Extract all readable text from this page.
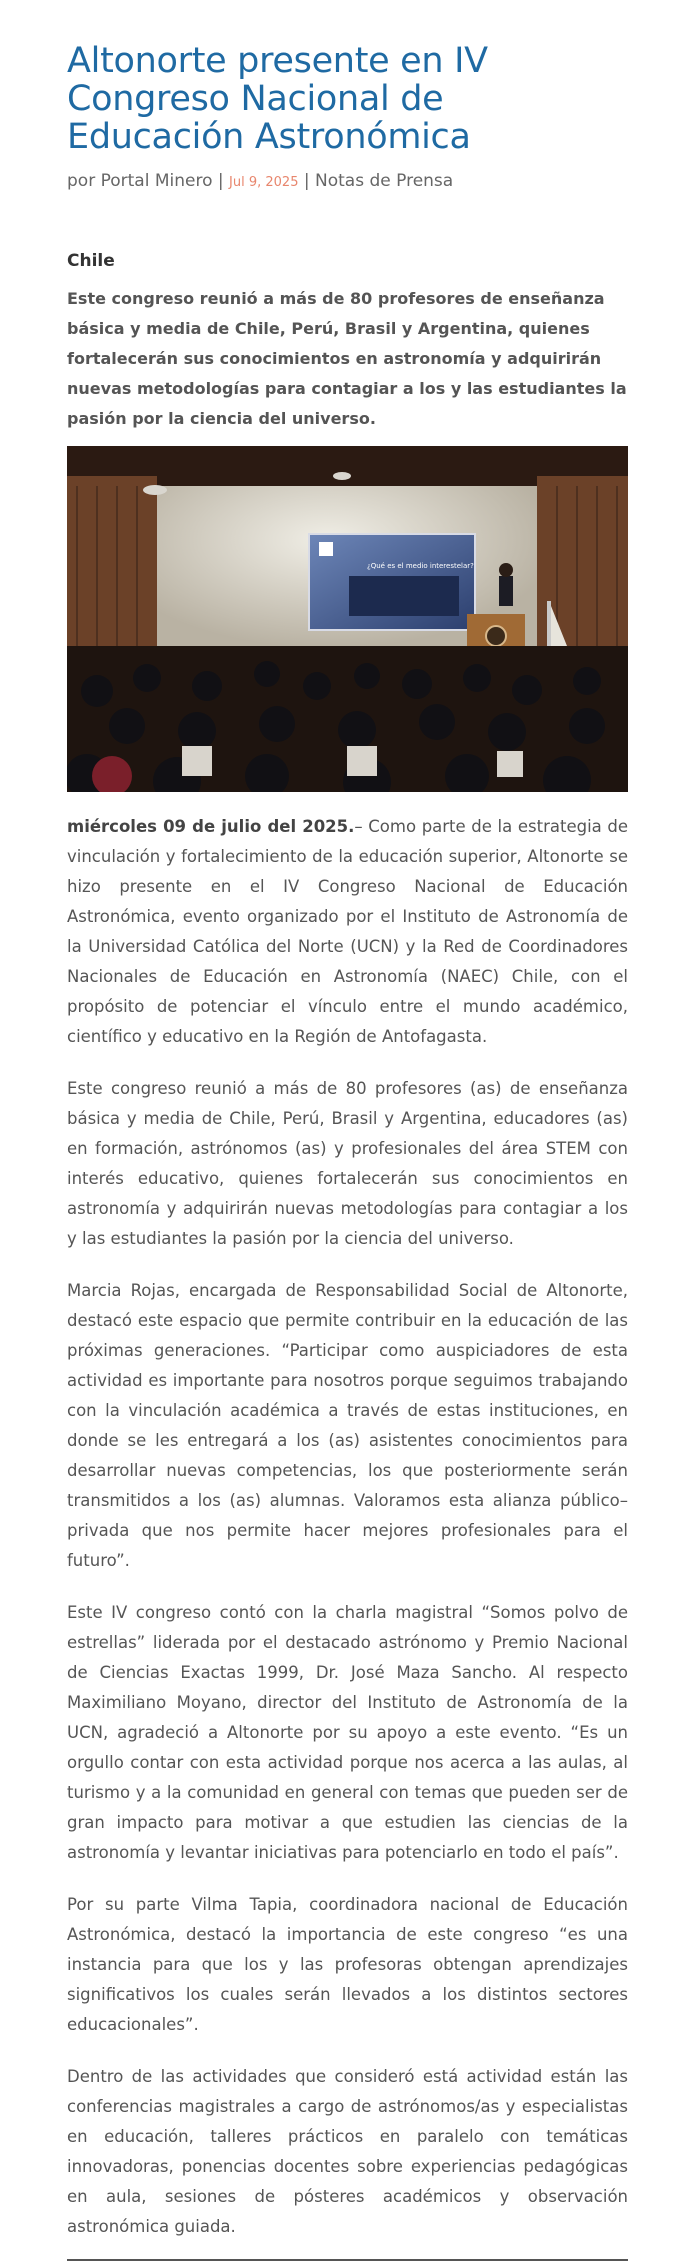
Altonorte presente en IV Congreso Nacional de Educación Astronómica
por Portal Minero | Jul 9, 2025 | Notas de Prensa
Chile
Este congreso reunió a más de 80 profesores de enseñanza básica y media de Chile, Perú, Brasil y Argentina, quienes fortalecerán sus conocimientos en astronomía y adquirirán nuevas metodologías para contagiar a los y las estudiantes la pasión por la ciencia del universo.
¿Qué es el medio interestelar?

miércoles 09 de julio del 2025.– Como parte de la estrategia de vinculación y fortalecimiento de la educación superior, Altonorte se hizo presente en el IV Congreso Nacional de Educación Astronómica, evento organizado por el Instituto de Astronomía de la Universidad Católica del Norte (UCN) y la Red de Coordinadores Nacionales de Educación en Astronomía (NAEC) Chile, con el propósito de potenciar el vínculo entre el mundo académico, científico y educativo en la Región de Antofagasta.

Este congreso reunió a más de 80 profesores (as) de enseñanza básica y media de Chile, Perú, Brasil y Argentina, educadores (as) en formación, astrónomos (as) y profesionales del área STEM con interés educativo, quienes fortalecerán sus conocimientos en astronomía y adquirirán nuevas metodologías para contagiar a los y las estudiantes la pasión por la ciencia del universo.

Marcia Rojas, encargada de Responsabilidad Social de Altonorte, destacó este espacio que permite contribuir en la educación de las próximas generaciones. “Participar como auspiciadores de esta actividad es importante para nosotros porque seguimos trabajando con la vinculación académica a través de estas instituciones, en donde se les entregará a los (as) asistentes conocimientos para desarrollar nuevas competencias, los que posteriormente serán transmitidos a los (as) alumnas. Valoramos esta alianza público–privada que nos permite hacer mejores profesionales para el futuro”.

Este IV congreso contó con la charla magistral “Somos polvo de estrellas” liderada por el destacado astrónomo y Premio Nacional de Ciencias Exactas 1999, Dr. José Maza Sancho. Al respecto Maximiliano Moyano, director del Instituto de Astronomía de la UCN, agradeció a Altonorte por su apoyo a este evento. “Es un orgullo contar con esta actividad porque nos acerca a las aulas, al turismo y a la comunidad en general con temas que pueden ser de gran impacto para motivar a que estudien las ciencias de la astronomía y levantar iniciativas para potenciarlo en todo el país”.

Por su parte Vilma Tapia, coordinadora nacional de Educación Astronómica, destacó la importancia de este congreso “es una instancia para que los y las profesoras obtengan aprendizajes significativos los cuales serán llevados a los distintos sectores educacionales”.

Dentro de las actividades que consideró está actividad están las conferencias magistrales a cargo de astrónomos/as y especialistas en educación, talleres prácticos en paralelo con temáticas innovadoras, ponencias docentes sobre experiencias pedagógicas en aula, sesiones de pósteres académicos y observación astronómica guiada.
